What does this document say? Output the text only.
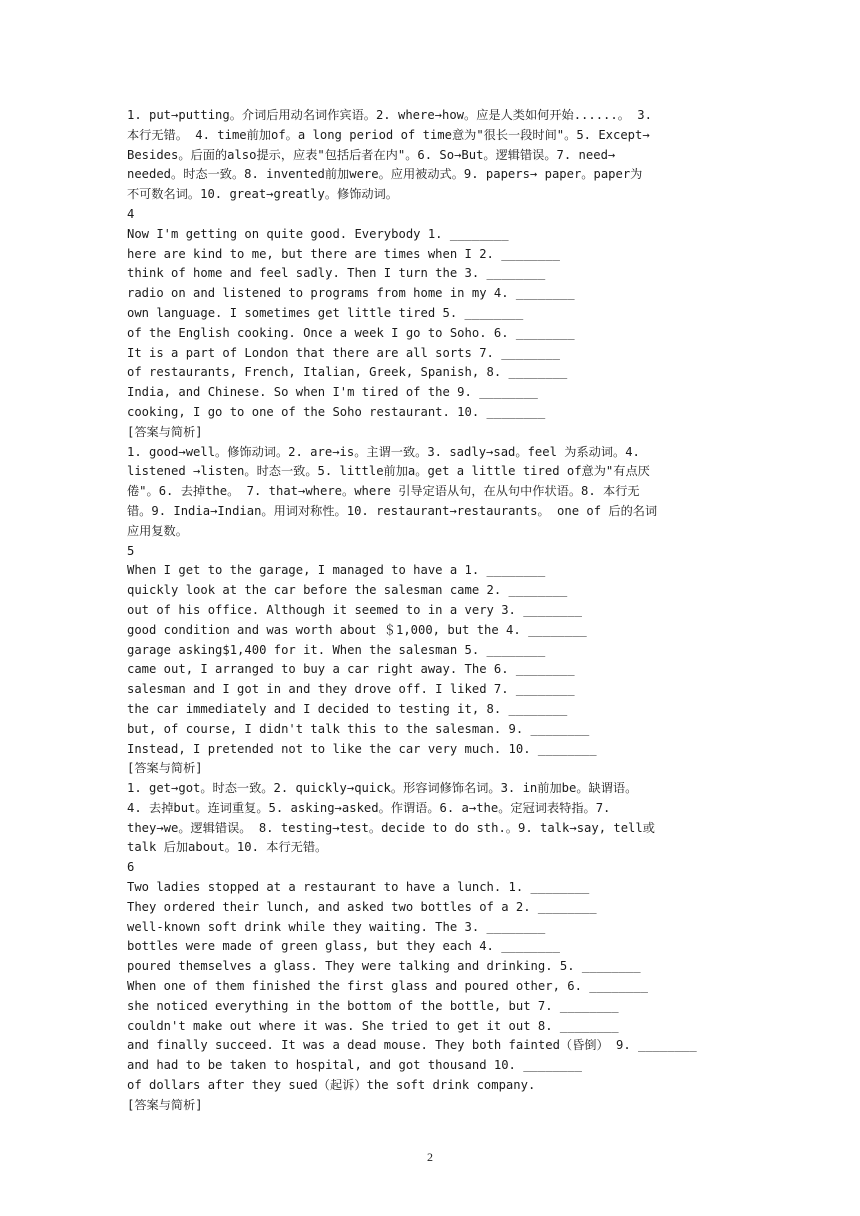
1. put→putting。介词后用动名词作宾语。2. where→how。应是人类如何开始......。 3.
本行无错。 4. time前加of。a long period of time意为"很长一段时间"。5. Except→
Besides。后面的also提示，应表"包括后者在内"。6. So→But。逻辑错误。7. need→
needed。时态一致。8. invented前加were。应用被动式。9. papers→ paper。paper为
不可数名词。10. great→greatly。修饰动词。
4
Now I'm getting on quite good. Everybody 1. ________
here are kind to me, but there are times when I 2. ________
think of home and feel sadly. Then I turn the 3. ________
radio on and listened to programs from home in my 4. ________
own language. I sometimes get little tired 5. ________
of the English cooking. Once a week I go to Soho. 6. ________
It is a part of London that there are all sorts 7. ________
of restaurants, French, Italian, Greek, Spanish, 8. ________
India, and Chinese. So when I'm tired of the 9. ________
cooking, I go to one of the Soho restaurant. 10. ________
[答案与简析]
1. good→well。修饰动词。2. are→is。主谓一致。3. sadly→sad。feel 为系动词。4.
listened →listen。时态一致。5. little前加a。get a little tired of意为"有点厌
倦"。6. 去掉the。 7. that→where。where 引导定语从句，在从句中作状语。8. 本行无
错。9. India→Indian。用词对称性。10. restaurant→restaurants。 one of 后的名词
应用复数。
5
When I get to the garage, I managed to have a 1. ________
quickly look at the car before the salesman came 2. ________
out of his office. Although it seemed to in a very 3. ________
good condition and was worth about ＄1,000, but the 4. ________
garage asking$1,400 for it. When the salesman 5. ________
came out, I arranged to buy a car right away. The 6. ________
salesman and I got in and they drove off. I liked 7. ________
the car immediately and I decided to testing it, 8. ________
but, of course, I didn't talk this to the salesman. 9. ________
Instead, I pretended not to like the car very much. 10. ________
[答案与简析]
1. get→got。时态一致。2. quickly→quick。形容词修饰名词。3. in前加be。缺谓语。
4. 去掉but。连词重复。5. asking→asked。作谓语。6. a→the。定冠词表特指。7.
they→we。逻辑错误。 8. testing→test。decide to do sth.。9. talk→say, tell或
talk 后加about。10. 本行无错。
6
Two ladies stopped at a restaurant to have a lunch. 1. ________
They ordered their lunch, and asked two bottles of a 2. ________
well-known soft drink while they waiting. The 3. ________
bottles were made of green glass, but they each 4. ________
poured themselves a glass. They were talking and drinking. 5. ________
When one of them finished the first glass and poured other, 6. ________
she noticed everything in the bottom of the bottle, but 7. ________
couldn't make out where it was. She tried to get it out 8. ________
and finally succeed. It was a dead mouse. They both fainted（昏倒） 9. ________
and had to be taken to hospital, and got thousand 10. ________
of dollars after they sued（起诉）the soft drink company.
[答案与简析]
2
